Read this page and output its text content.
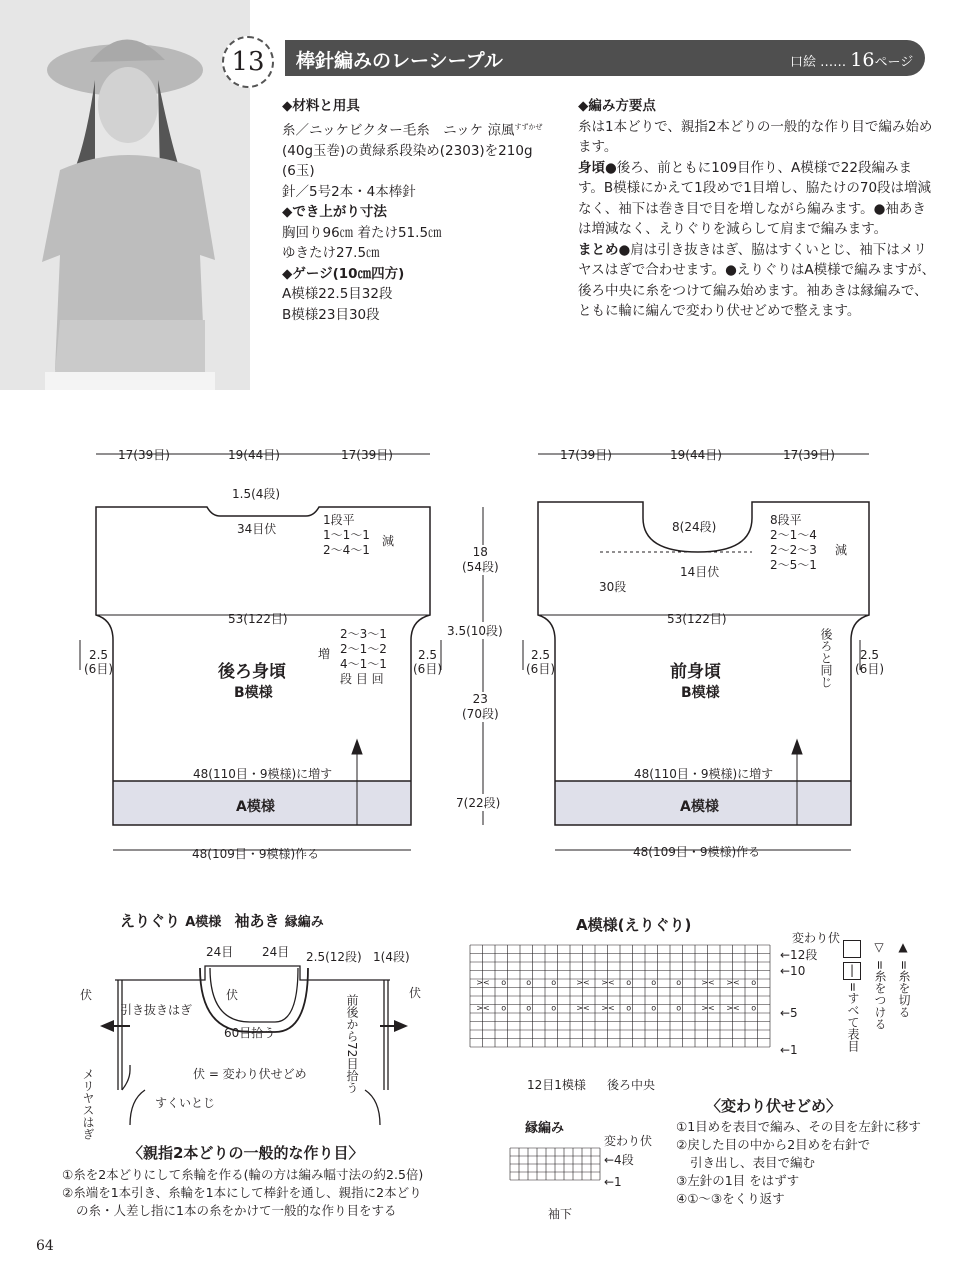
13	棒針編みのレーシープル	口絵 …… 16ページ
◆材料と用具
糸／ニッケビクター毛糸　ニッケ 涼風$^{すずかぜ}$
(40g玉巻)の黄緑系段染め(2303)を210g
(6玉)
針／5号2本・4本棒針
◆でき上がり寸法
胸回り96㎝ 着たけ51.5㎝
ゆきたけ27.5㎝
◆ゲージ(10㎝四方)
A模様22.5目32段
B模様23目30段
◆編み方要点
糸は1本どりで、親指2本どりの一般的な作り目で編み始めます。
身頃●後ろ、前ともに109目作り、A模様で22段編みます。B模様にかえて1段めで1目増し、脇たけの70段は増減なく、袖下は巻き目で目を増しながら編みます。●袖あきは増減なく、えりぐりを減らして肩まで編みます。
まとめ●肩は引き抜きはぎ、脇はすくいとじ、袖下はメリヤスはぎで合わせます。●えりぐりはA模様で編みますが、後ろ中央に糸をつけて編み始めます。袖あきは縁編みで、ともに輪に編んで変わり伏せどめで整えます。
17(39目)	19(44目)	17(39目)
1.5(4段)
34目伏
1段平
1〜1〜1
2〜4〜1
減
53(122目)
後ろ身頃
B模様
増
2〜3〜1
2〜1〜2
4〜1〜1
段 目 回
2.5
(6目)
2.5
(6目)
48(110目・9模様)に増す
A模様
48(109目・9模様)作る
18
(54段)
3.5(10段)
23
(70段)
7(22段)
17(39目)	19(44目)	17(39目)
8(24段)
14目伏
8段平
2〜1〜4
2〜2〜3
2〜5〜1
減
30段
53(122目)
後ろと同じ
前身頃
B模様
2.5
(6目)
2.5
(6目)
48(110目・9模様)に増す
A模様
48(109目・9模様)作る
えりぐり A模様 袖あき 縁編み
24目 24目 2.5(12段) 1(4段)
伏
伏	伏
引き抜きはぎ
60目拾う	前後から72目拾う
伏 = 変わり伏せどめ
メリヤスはぎ	すくいとじ
A模様(えりぐり)
>< o	o	o	>< >< o	o	o	>< >< o
>< o	o	o	>< >< o	o	o	>< >< o
変わり伏
←12段
←10
←5
←1
12目1模様 後ろ中央
|
=すべて表目
▽
=糸をつける
▲
=糸を切る
縁編み
変わり伏
←4段
←1
袖下
〈親指2本どりの一般的な作り目〉
①糸を2本どりにして糸輪を作る(輪の方は編み幅寸法の約2.5倍)
②糸端を1本引き、糸輪を1本にして棒針を通し、親指に2本どり
の糸・人差し指に1本の糸をかけて一般的な作り目をする
〈変わり伏せどめ〉
①1目めを表目で編み、その目を左針に移す
②戻した目の中から2目めを右針で
引き出し、表目で編む
③左針の1目 をはずす
④①〜③をくり返す
64
